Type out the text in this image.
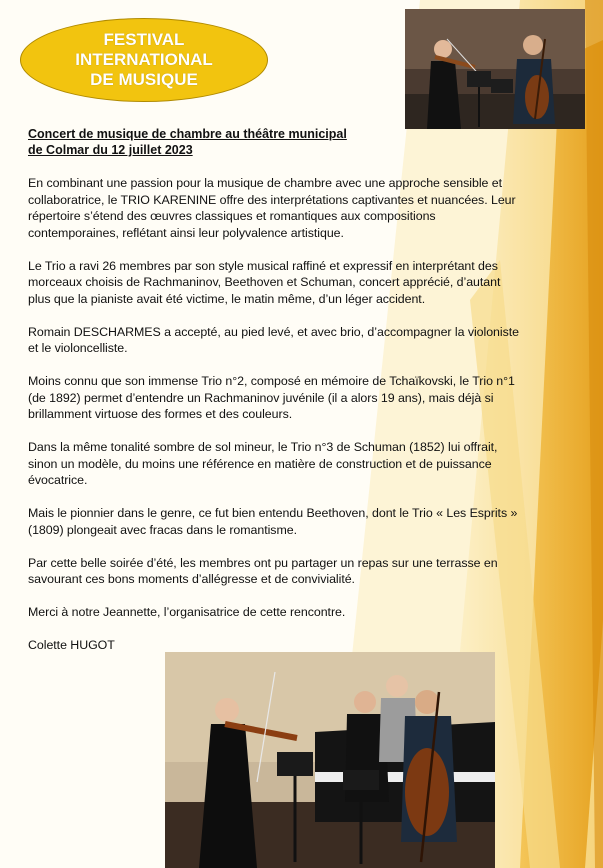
FESTIVAL
INTERNATIONAL
DE MUSIQUE
Concert de musique de chambre au théâtre municipal
de Colmar du 12 juillet 2023
En combinant une passion pour la musique de chambre avec une approche sensible et
collaboratrice, le TRIO KARENINE offre des interprétations captivantes et nuancées. Leur
répertoire s’étend des œuvres classiques et romantiques aux compositions
contemporaines, reflétant ainsi leur polyvalence artistique.
Le Trio a ravi 26 membres par son style musical raffiné et expressif en interprétant des
morceaux choisis de Rachmaninov, Beethoven et Schuman, concert apprécié, d’autant
plus que la pianiste avait été victime, le matin même, d’un léger accident.
Romain DESCHARMES a accepté, au pied levé, et avec brio, d’accompagner la violoniste
et le violoncelliste.
Moins connu que son immense Trio n°2, composé en mémoire de Tchaïkovski, le Trio n°1
(de 1892) permet d’entendre un Rachmaninov juvénile (il a alors 19 ans), mais déjà si
brillamment virtuose des formes et des couleurs.
Dans la même tonalité sombre de sol mineur, le Trio n°3 de Schuman (1852) lui offrait,
sinon un modèle, du moins une référence en matière de construction et de puissance
évocatrice.
Mais le pionnier dans le genre, ce fut bien entendu Beethoven, dont le Trio « Les Esprits »
(1809) plongeait avec fracas dans le romantisme.
Par cette belle soirée d’été, les membres ont pu partager un repas sur une terrasse en
savourant ces bons moments d’allégresse et de convivialité.
Merci à notre Jeannette, l’organisatrice de cette rencontre.
Colette HUGOT
